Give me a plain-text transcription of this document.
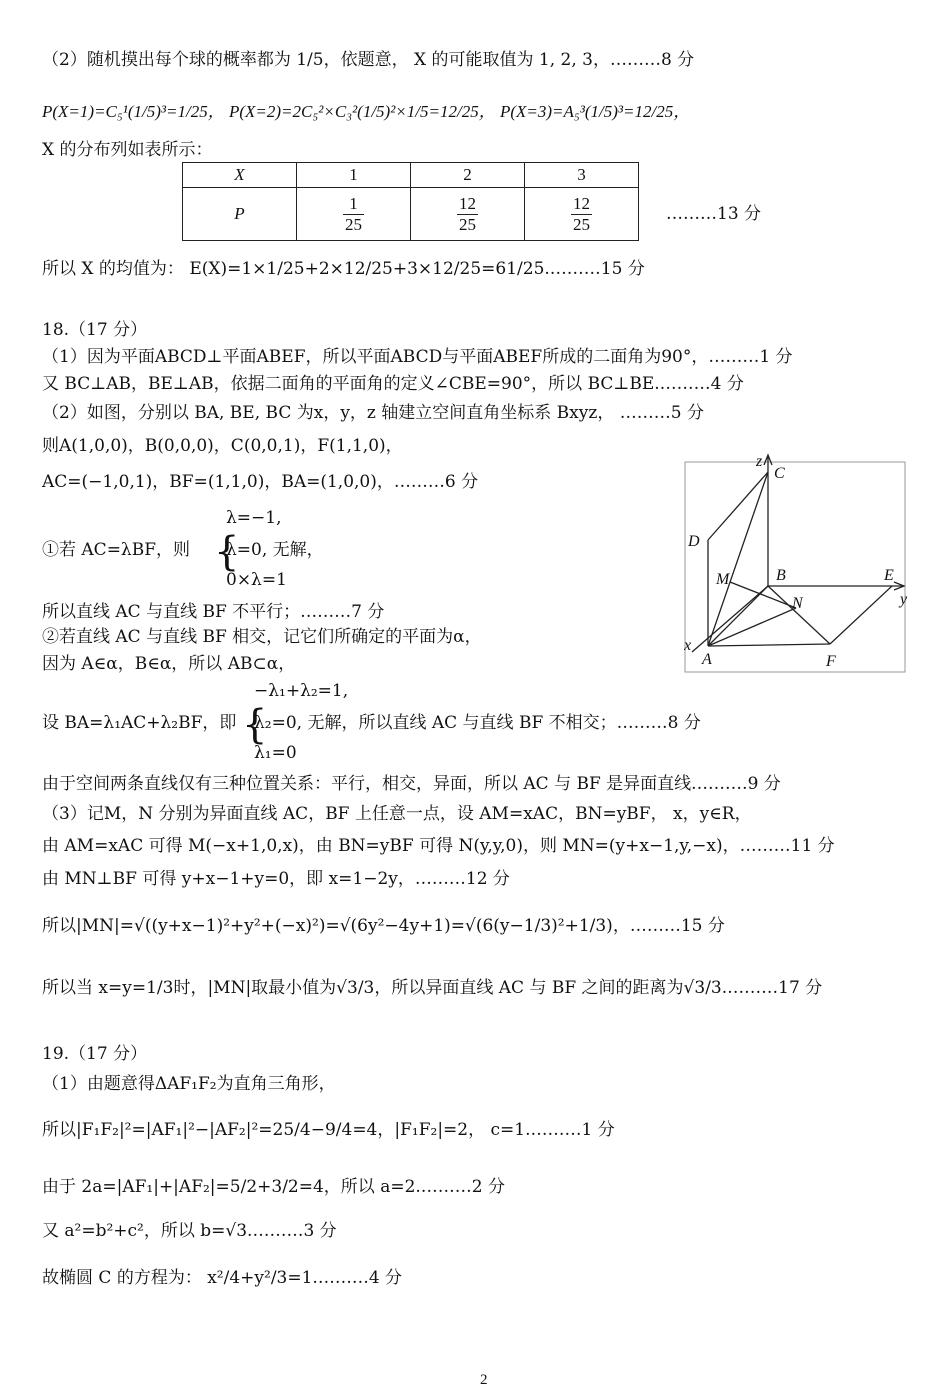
（2）随机摸出每个球的概率都为 1/5，依题意， X 的可能取值为 1, 2, 3，………8 分
P(X=1)=C₅¹(1/5)³=1/25， P(X=2)=2C₅²×C₃²(1/5)²×1/5=12/25， P(X=3)=A₅³(1/5)³=12/25，
X 的分布列如表所示：
X	1	2	3
P	$\frac{1}{25}$	$\frac{12}{25}$	$\frac{12}{25}$	………13 分
所以 X 的均值为： E(X)=1×1/25+2×12/25+3×12/25=61/25.………15 分
18.（17 分）
（1）因为平面ABCD⊥平面ABEF，所以平面ABCD与平面ABEF所成的二面角为90°，………1 分
又 BC⊥AB，BE⊥AB，依据二面角的平面角的定义∠CBE=90°，所以 BC⊥BE.………4 分
（2）如图，分别以 BA, BE, BC 为x，y，z 轴建立空间直角坐标系 Bxyz， ………5 分
则A(1,0,0)，B(0,0,0)，C(0,0,1)，F(1,1,0)，
AC=(−1,0,1)，BF=(1,1,0)，BA=(1,0,0)，………6 分
①若 AC=λBF，则 {
λ=−1,
λ=0, 无解，
0×λ=1
所以直线 AC 与直线 BF 不平行；………7 分
②若直线 AC 与直线 BF 相交，记它们所确定的平面为α，
因为 A∈α，B∈α，所以 AB⊂α，
设 BA=λ₁AC+λ₂BF，即 {
−λ₁+λ₂=1,
λ₂=0, 无解，所以直线 AC 与直线 BF 不相交；………8 分
λ₁=0
由于空间两条直线仅有三种位置关系：平行，相交，异面，所以 AC 与 BF 是异面直线.………9 分
（3）记M，N 分别为异面直线 AC，BF 上任意一点，设 AM=xAC，BN=yBF， x，y∈R，
由 AM=xAC 可得 M(−x+1,0,x)，由 BN=yBF 可得 N(y,y,0)，则 MN=(y+x−1,y,−x)，………11 分
由 MN⊥BF 可得 y+x−1+y=0，即 x=1−2y，………12 分
所以|MN|=√((y+x−1)²+y²+(−x)²)=√(6y²−4y+1)=√(6(y−1/3)²+1/3)，………15 分
所以当 x=y=1/3时，|MN|取最小值为√3/3，所以异面直线 AC 与 BF 之间的距离为√3/3.………17 分
19.（17 分）
（1）由题意得ΔAF₁F₂为直角三角形，
所以|F₁F₂|²=|AF₁|²−|AF₂|²=25/4−9/4=4，|F₁F₂|=2， c=1.………1 分
由于 2a=|AF₁|+|AF₂|=5/2+3/2=4，所以 a=2.………2 分
又 a²=b²+c²，所以 b=√3.………3 分
故椭圆 C 的方程为： x²/4+y²/3=1.………4 分
z
C
D
M	B	E
y
N
x
A	F
2
